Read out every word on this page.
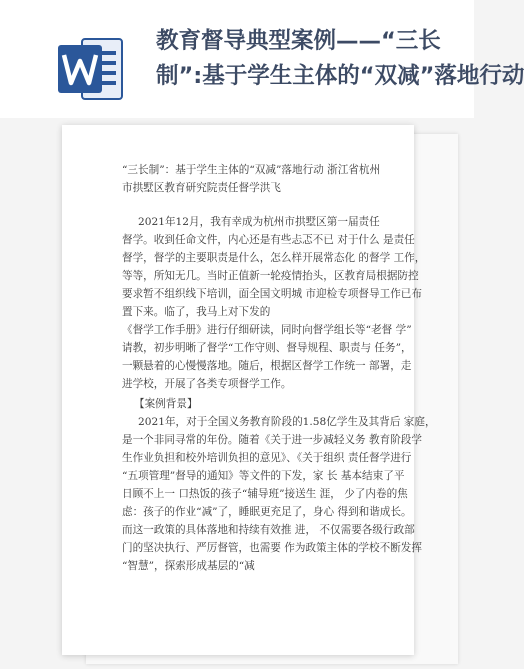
教育督导典型案例——“三长
制”:基于学生主体的“双减”落地行动
“三长制”：基于学生主体的“双减”落地行动 浙江省杭州
市拱墅区教育研究院责任督学洪飞
2021年12月，我有幸成为杭州市拱墅区第一届责任
督学。收到任命文件，内心还是有些忐忑不已 对于什么 是责任
督学，督学的主要职责是什么，怎么样开展常态化 的督学 工作，
等等，所知无几。当时正值新一轮疫情抬头，区教育局根据防控
要求暂不组织线下培训，面全国文明城 市迎检专项督导工作已布
置下来。临了，我马上对下发的
《督学工作手册》进行仔细研读，同时向督学组长等“老督 学”
请教，初步明晰了督学“工作守则、督导规程、职责与 任务”，
一颗悬着的心慢慢落地。随后，根据区督学工作统一 部署，走
进学校，开展了各类专项督学工作。
【案例背景】
2021年，对于全国义务教育阶段的1.58亿学生及其背后 家庭，
是一个非同寻常的年份。随着《关于进一步减轻义务 教育阶段学
生作业负担和校外培训负担的意见》、《关于组织 责任督学进行
“五项管理”督导的通知》等文件的下发，家 长 基本结束了平
日顾不上一 口热饭的孩子“辅导班”接送生 涯， 少了内卷的焦
虑：孩子的作业“减”了，睡眠更充足了，身心 得到和谐成长。
而这一政策的具体落地和持续有效推 进， 不仅需要各级行政部
门的坚决执行、严厉督管，也需要 作为政策主体的学校不断发挥
“智慧”，探索形成基层的“减
